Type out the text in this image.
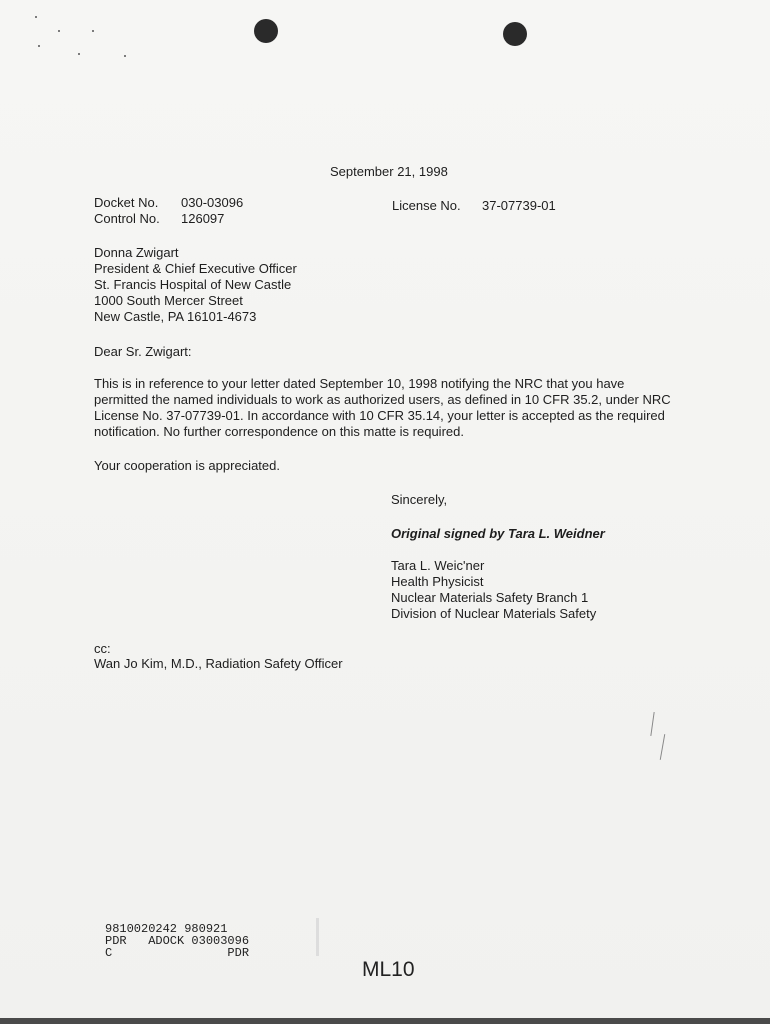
September 21, 1998
Docket No. 030-03096
Control No. 126097
License No. 37-07739-01
Donna Zwigart
President & Chief Executive Officer
St. Francis Hospital of New Castle
1000 South Mercer Street
New Castle, PA 16101-4673
Dear Sr. Zwigart:
This is in reference to your letter dated September 10, 1998 notifying the NRC that you have permitted the named individuals to work as authorized users, as defined in 10 CFR 35.2, under NRC License No. 37-07739-01. In accordance with 10 CFR 35.14, your letter is accepted as the required notification. No further correspondence on this matte is required.
Your cooperation is appreciated.
Sincerely,
Original signed by Tara L. Weidner
Tara L. Weic'ner
Health Physicist
Nuclear Materials Safety Branch 1
Division of Nuclear Materials Safety
cc:
Wan Jo Kim, M.D., Radiation Safety Officer
9810020242 980921
PDR   ADOCK 03003096
C                PDR
ML10
